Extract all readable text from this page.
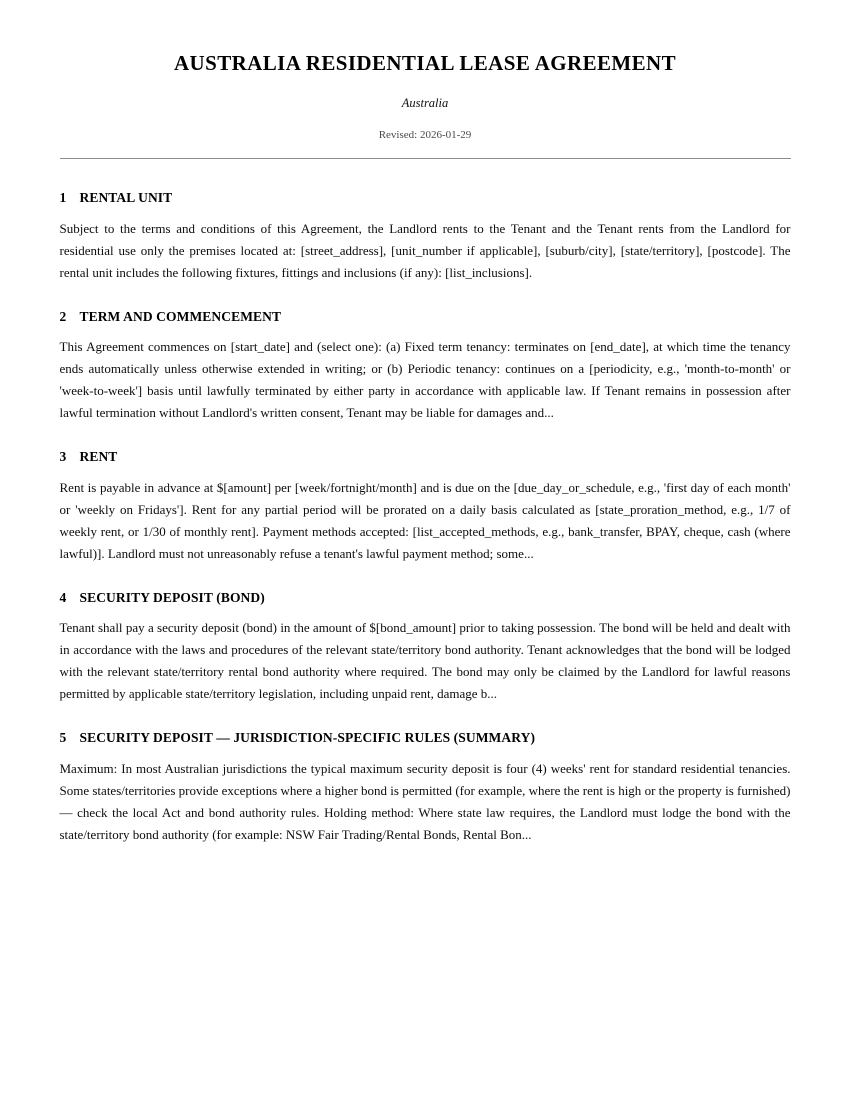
AUSTRALIA RESIDENTIAL LEASE AGREEMENT
Australia
Revised: 2026-01-29
1 RENTAL UNIT

Subject to the terms and conditions of this Agreement, the Landlord rents to the Tenant and the Tenant rents from the Landlord for residential use only the premises located at: [street_address], [unit_number if applicable], [suburb/city], [state/territory], [postcode]. The rental unit includes the following fixtures, fittings and inclusions (if any): [list_inclusions].

2 TERM AND COMMENCEMENT

This Agreement commences on [start_date] and (select one): (a) Fixed term tenancy: terminates on [end_date], at which time the tenancy ends automatically unless otherwise extended in writing; or (b) Periodic tenancy: continues on a [periodicity, e.g., 'month-to-month' or 'week-to-week'] basis until lawfully terminated by either party in accordance with applicable law. If Tenant remains in possession after lawful termination without Landlord's written consent, Tenant may be liable for damages and...

3 RENT

Rent is payable in advance at $[amount] per [week/fortnight/month] and is due on the [due_day_or_schedule, e.g., 'first day of each month' or 'weekly on Fridays']. Rent for any partial period will be prorated on a daily basis calculated as [state_proration_method, e.g., 1/7 of weekly rent, or 1/30 of monthly rent]. Payment methods accepted: [list_accepted_methods, e.g., bank_transfer, BPAY, cheque, cash (where lawful)]. Landlord must not unreasonably refuse a tenant's lawful payment method; some...

4 SECURITY DEPOSIT (BOND)

Tenant shall pay a security deposit (bond) in the amount of $[bond_amount] prior to taking possession. The bond will be held and dealt with in accordance with the laws and procedures of the relevant state/territory bond authority. Tenant acknowledges that the bond will be lodged with the relevant state/territory rental bond authority where required. The bond may only be claimed by the Landlord for lawful reasons permitted by applicable state/territory legislation, including unpaid rent, damage b...

5 SECURITY DEPOSIT — JURISDICTION-SPECIFIC RULES (SUMMARY)

Maximum: In most Australian jurisdictions the typical maximum security deposit is four (4) weeks' rent for standard residential tenancies. Some states/territories provide exceptions where a higher bond is permitted (for example, where the rent is high or the property is furnished) — check the local Act and bond authority rules. Holding method: Where state law requires, the Landlord must lodge the bond with the state/territory bond authority (for example: NSW Fair Trading/Rental Bonds, Rental Bon...
